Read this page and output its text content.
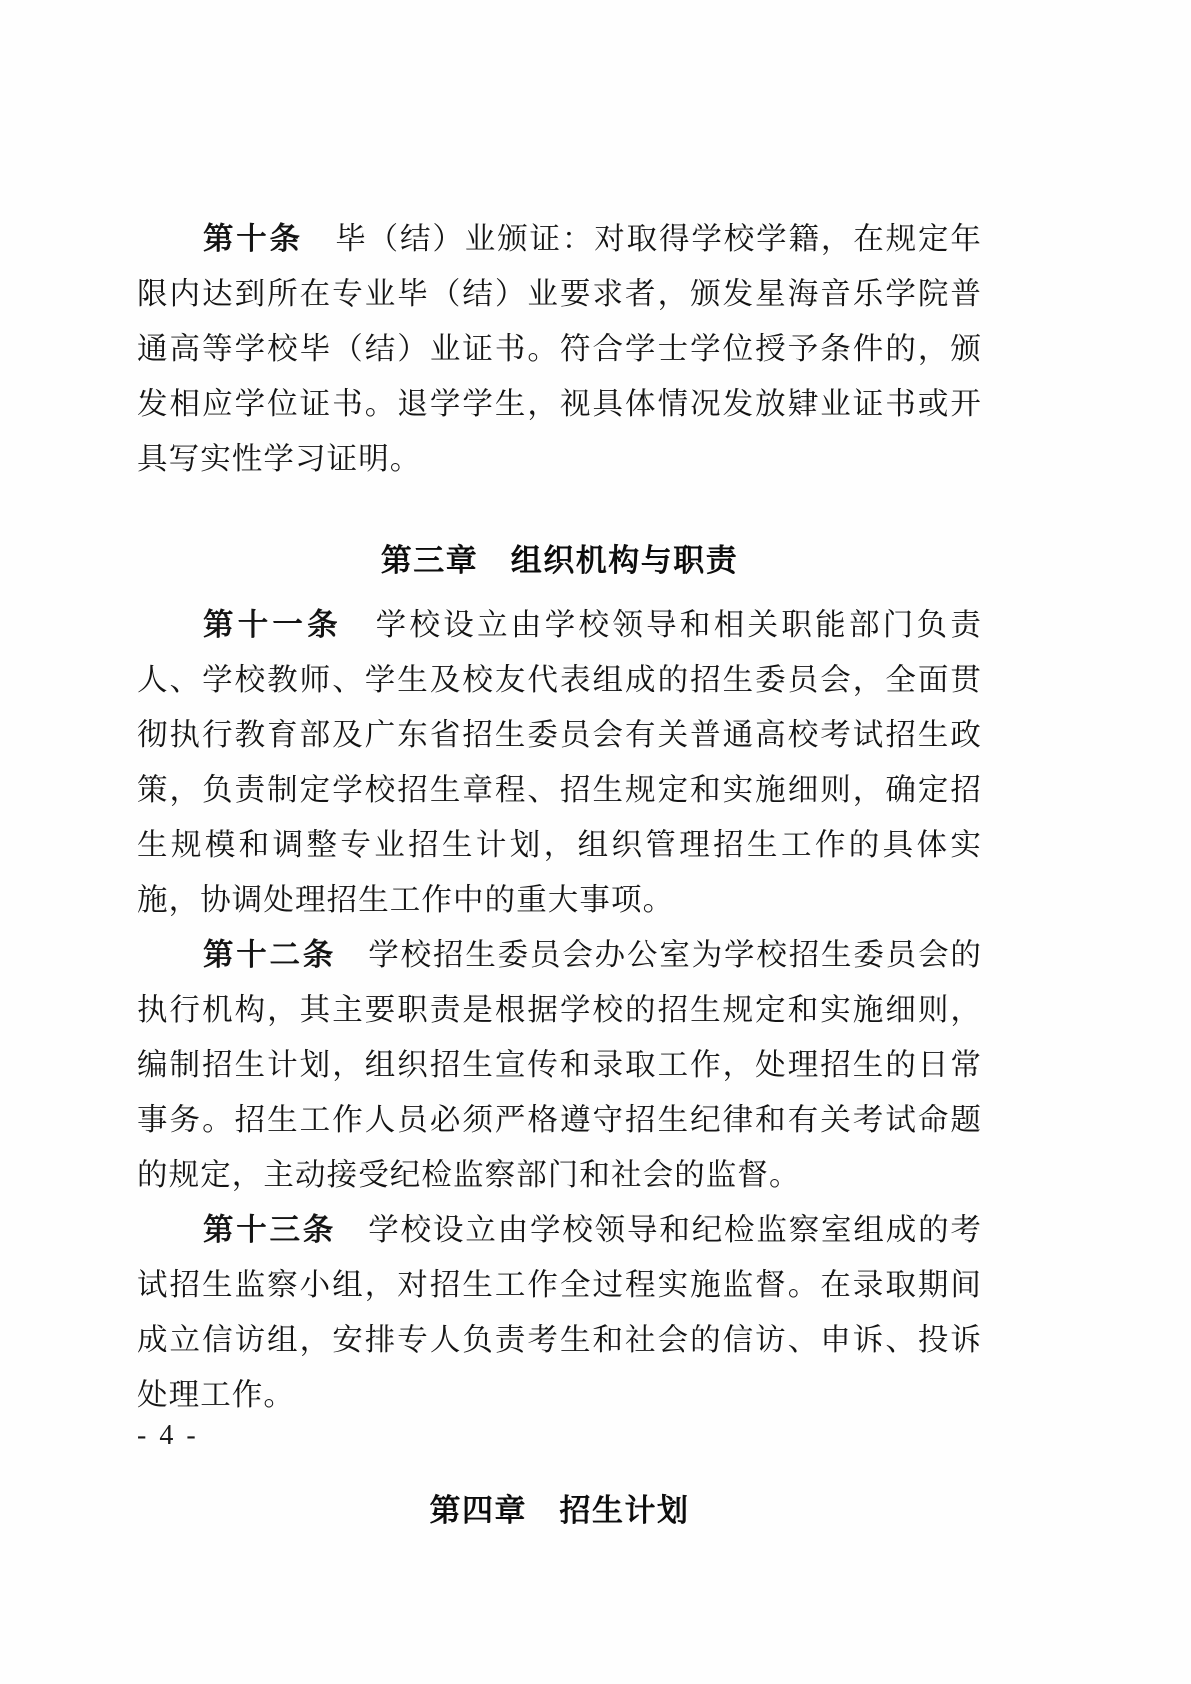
第十条　毕（结）业颁证：对取得学校学籍，在规定年限内达到所在专业毕（结）业要求者，颁发星海音乐学院普通高等学校毕（结）业证书。符合学士学位授予条件的，颁发相应学位证书。退学学生，视具体情况发放肄业证书或开具写实性学习证明。

第三章　组织机构与职责

第十一条　学校设立由学校领导和相关职能部门负责人、学校教师、学生及校友代表组成的招生委员会，全面贯彻执行教育部及广东省招生委员会有关普通高校考试招生政策，负责制定学校招生章程、招生规定和实施细则，确定招生规模和调整专业招生计划，组织管理招生工作的具体实施，协调处理招生工作中的重大事项。

第十二条　学校招生委员会办公室为学校招生委员会的执行机构，其主要职责是根据学校的招生规定和实施细则，编制招生计划，组织招生宣传和录取工作，处理招生的日常事务。招生工作人员必须严格遵守招生纪律和有关考试命题的规定，主动接受纪检监察部门和社会的监督。

第十三条　学校设立由学校领导和纪检监察室组成的考试招生监察小组，对招生工作全过程实施监督。在录取期间成立信访组，安排专人负责考生和社会的信访、申诉、投诉处理工作。

第四章　招生计划
- 4 -
